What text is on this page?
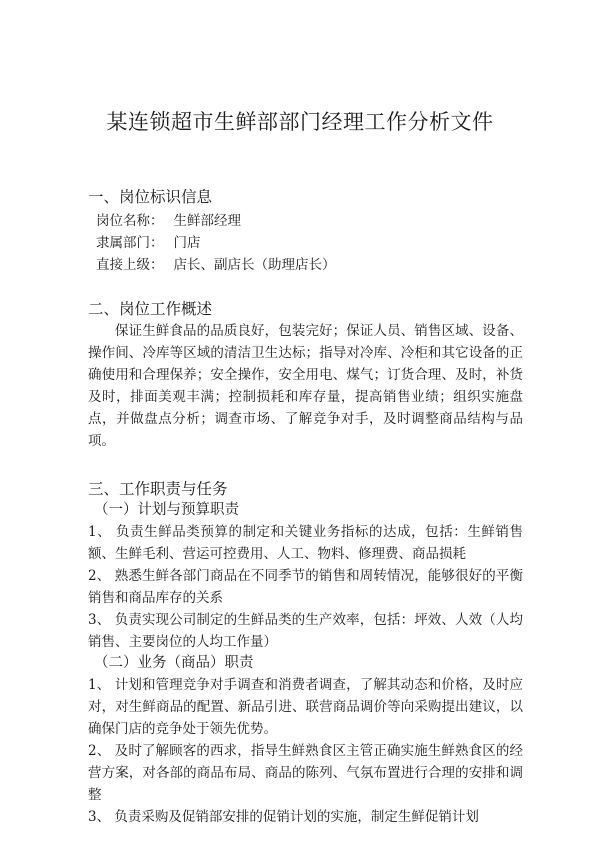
某连锁超市生鲜部部门经理工作分析文件
一、岗位标识信息
岗位名称： 生鲜部经理
隶属部门： 门店
直接上级： 店长、副店长（助理店长）
二、岗位工作概述

保证生鲜食品的品质良好，包装完好；保证人员、销售区域、设备、操作间、冷库等区域的清洁卫生达标；指导对冷库、冷柜和其它设备的正确使用和合理保养；安全操作，安全用电、煤气；订货合理、及时，补货及时，排面美观丰满；控制损耗和库存量，提高销售业绩；组织实施盘点，并做盘点分析；调查市场、了解竞争对手，及时调整商品结构与品项。

三、工作职责与任务
（一）计划与预算职责

1、 负责生鲜品类预算的制定和关键业务指标的达成，包括：生鲜销售额、生鲜毛利、营运可控费用、人工、物料、修理费、商品损耗

2、 熟悉生鲜各部门商品在不同季节的销售和周转情况，能够很好的平衡销售和商品库存的关系

3、 负责实现公司制定的生鲜品类的生产效率，包括：坪效、人效（人均销售、主要岗位的人均工作量）

（二）业务（商品）职责

1、 计划和管理竞争对手调查和消费者调查，了解其动态和价格，及时应对，对生鲜商品的配置、新品引进、联营商品调价等向采购提出建议，以确保门店的竞争处于领先优势。

2、 及时了解顾客的西求，指导生鲜熟食区主管正确实施生鲜熟食区的经营方案，对各部的商品布局、商品的陈列、气氛布置进行合理的安排和调整

3、 负责采购及促销部安排的促销计划的实施，制定生鲜促销计划
